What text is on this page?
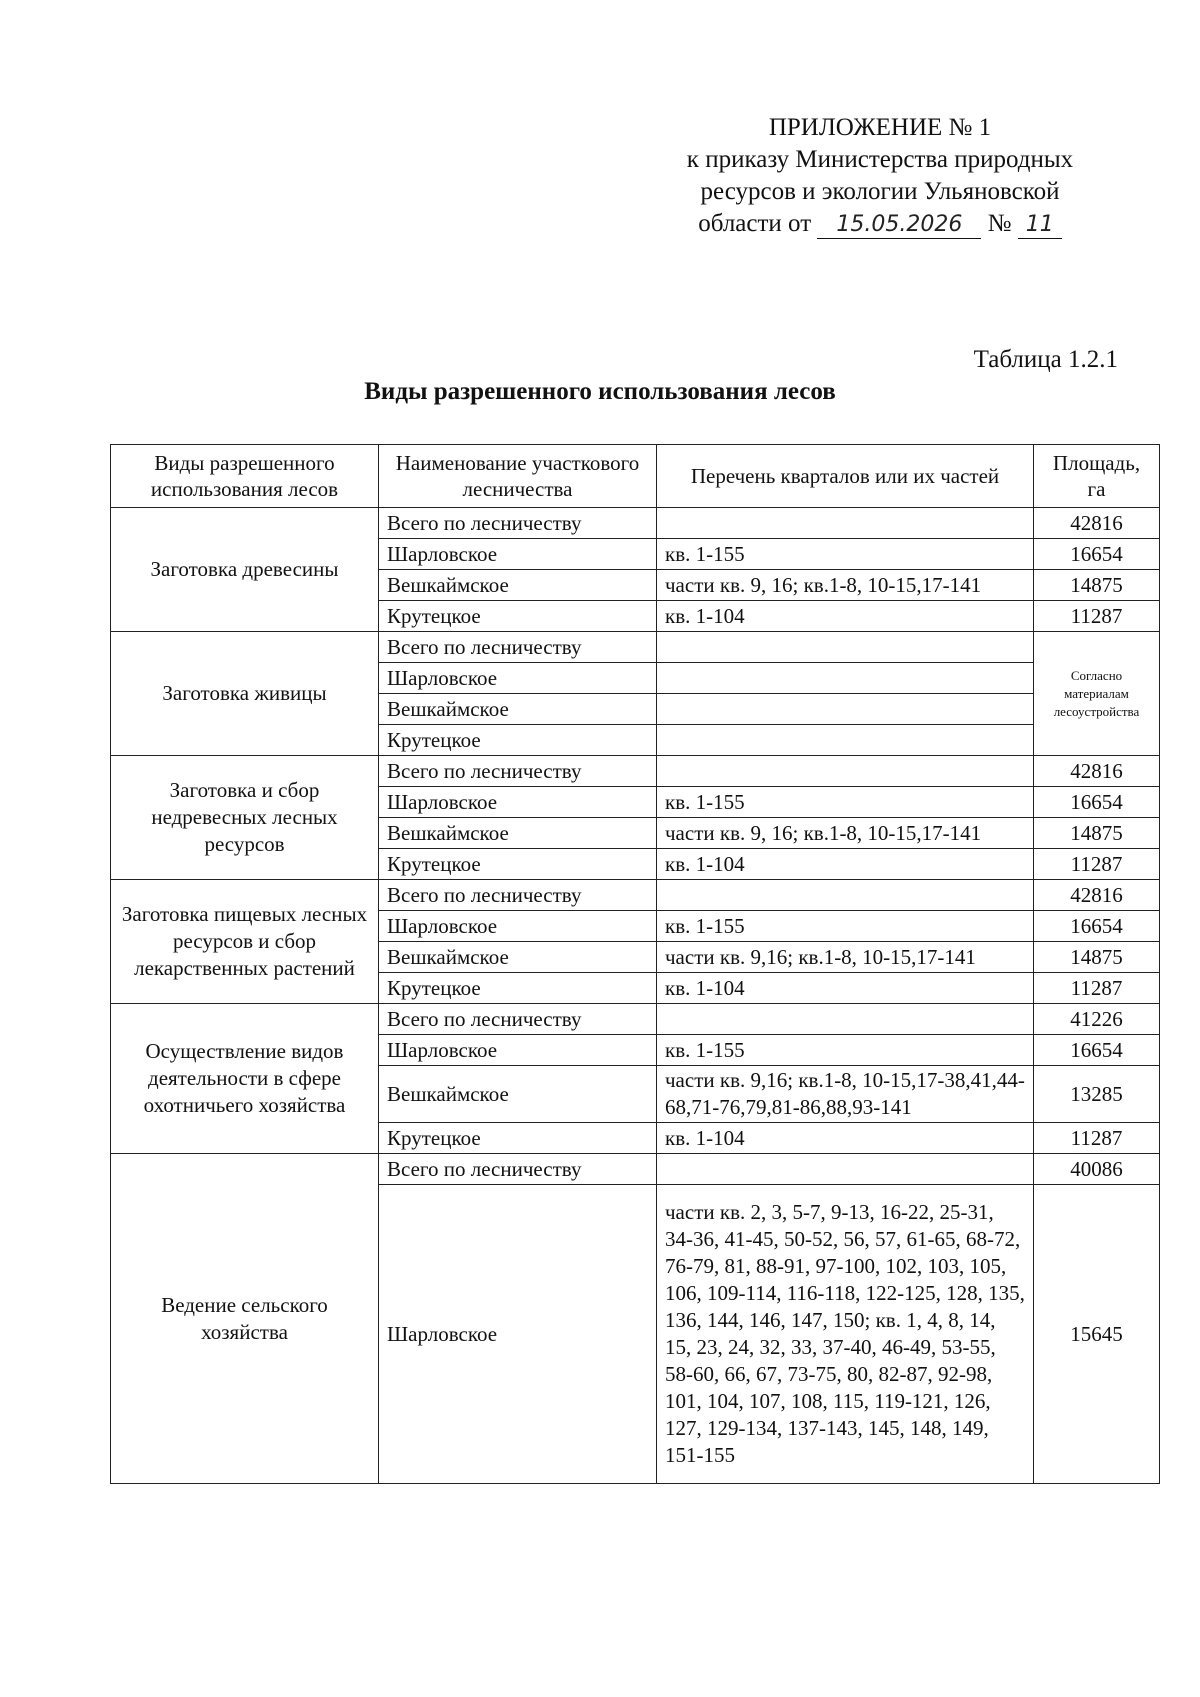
ПРИЛОЖЕНИЕ № 1
к приказу Министерства природных
ресурсов и экологии Ульяновской
области от 15.05.2026 № 11
Таблица 1.2.1
Виды разрешенного использования лесов
Виды разрешенного использования лесов	Наименование участкового лесничества	Перечень кварталов или их частей	Площадь, га
Заготовка древесины	Всего по лесничеству		42816
	Шарловское	кв. 1-155	16654
	Вешкаймское	части кв. 9, 16; кв.1-8, 10-15,17-141	14875
	Крутецкое	кв. 1-104	11287
Заготовка живицы	Всего по лесничеству		Согласно материалам лесоустройства
	Шарловское		
	Вешкаймское		
	Крутецкое		
Заготовка и сбор недревесных лесных ресурсов	Всего по лесничеству		42816
	Шарловское	кв. 1-155	16654
	Вешкаймское	части кв. 9, 16; кв.1-8, 10-15,17-141	14875
	Крутецкое	кв. 1-104	11287
Заготовка пищевых лесных ресурсов и сбор лекарственных растений	Всего по лесничеству		42816
	Шарловское	кв. 1-155	16654
	Вешкаймское	части кв. 9,16; кв.1-8, 10-15,17-141	14875
	Крутецкое	кв. 1-104	11287
Осуществление видов деятельности в сфере охотничьего хозяйства	Всего по лесничеству		41226
	Шарловское	кв. 1-155	16654
	Вешкаймское	части кв. 9,16; кв.1-8, 10-15,17-38,41,44-68,71-76,79,81-86,88,93-141	13285
	Крутецкое	кв. 1-104	11287
Ведение сельского хозяйства	Всего по лесничеству		40086
	Шарловское	части кв. 2, 3, 5-7, 9-13, 16-22, 25-31, 34-36, 41-45, 50-52, 56, 57, 61-65, 68-72, 76-79, 81, 88-91, 97-100, 102, 103, 105, 106, 109-114, 116-118, 122-125, 128, 135, 136, 144, 146, 147, 150; кв. 1, 4, 8, 14, 15, 23, 24, 32, 33, 37-40, 46-49, 53-55, 58-60, 66, 67, 73-75, 80, 82-87, 92-98, 101, 104, 107, 108, 115, 119-121, 126, 127, 129-134, 137-143, 145, 148, 149, 151-155	15645
